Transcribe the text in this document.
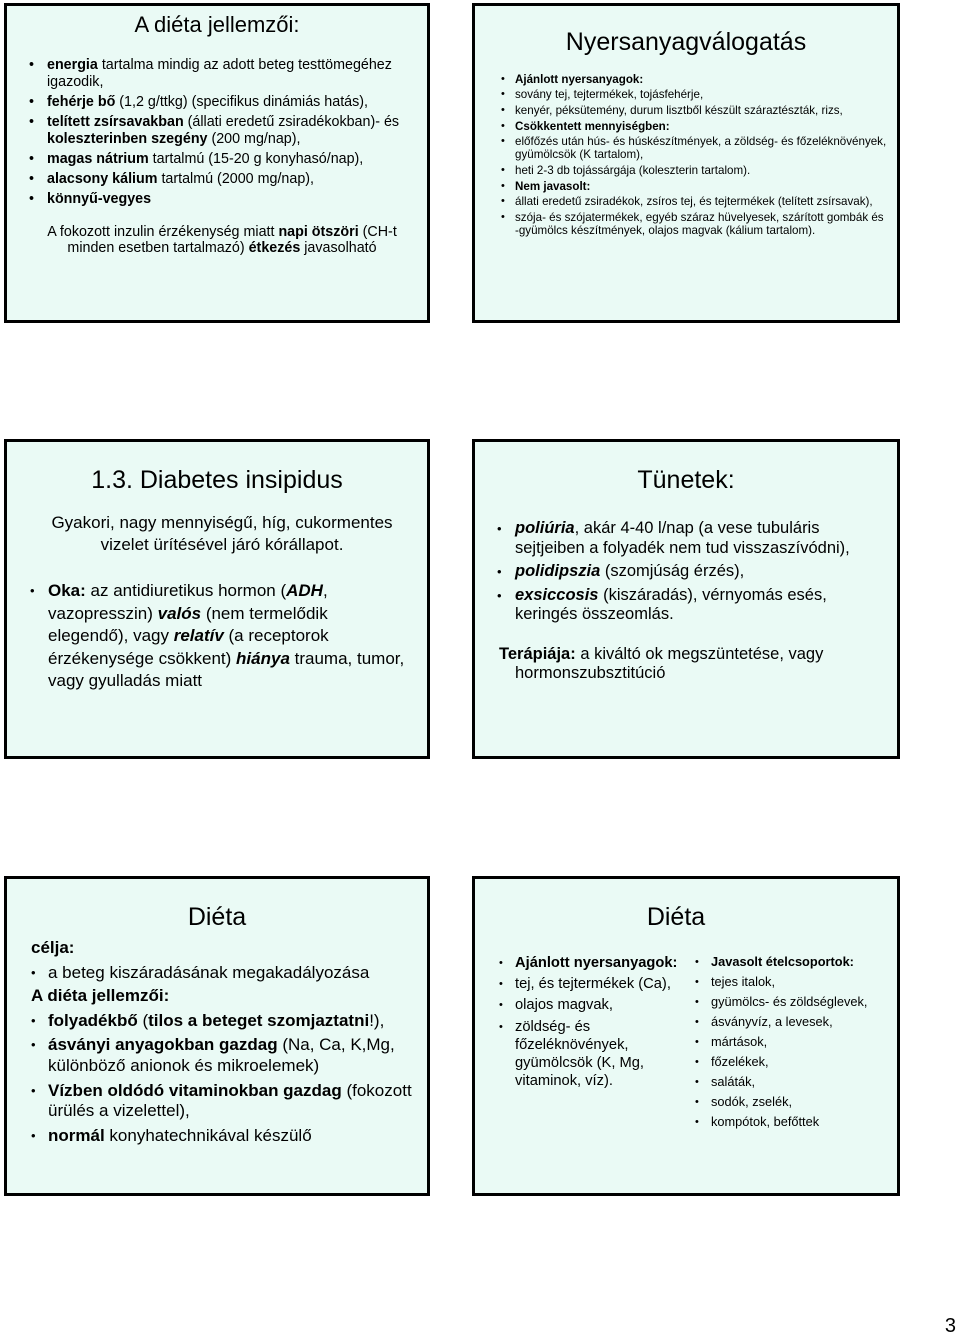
A diéta jellemzői:
• energia tartalma mindig az adott beteg testtömegéhez igazodik,
• fehérje bő (1,2 g/ttkg) (specifikus dinámiás hatás),
• telített zsírsavakban (állati eredetű zsiradékokban)- és koleszterinben szegény (200 mg/nap),
• magas nátrium tartalmú (15-20 g konyhasó/nap),
• alacsony kálium tartalmú (2000 mg/nap),
• könnyű-vegyes

A fokozott inzulin érzékenység miatt napi ötszöri (CH-t minden esetben tartalmazó) étkezés javasolható

Nyersanyagválogatás
• Ajánlott nyersanyagok:
• sovány tej, tejtermékek, tojásfehérje,
• kenyér, péksütemény, durum lisztből készült száraztészták, rizs,
• Csökkentett mennyiségben:
• előfőzés után hús- és húskészítmények, a zöldség- és főzeléknövények, gyümölcsök (K tartalom),
• heti 2-3 db tojássárgája (koleszterin tartalom).
• Nem javasolt:
• állati eredetű zsiradékok, zsíros tej, és tejtermékek (telített zsírsavak),
• szója- és szójatermékek, egyéb száraz hüvelyesek, szárított gombák és -gyümölcs készítmények, olajos magvak (kálium tartalom).
1.3. Diabetes insipidus

Gyakori, nagy mennyiségű, híg, cukormentes vizelet ürítésével járó kórállapot.

• Oka: az antidiuretikus hormon (ADH, vazopresszin) valós (nem termelődik elegendő), vagy relatív (a receptorok érzékenysége csökkent) hiánya trauma, tumor, vagy gyulladás miatt
Tünetek:
• poliúria, akár 4-40 l/nap (a vese tubuláris sejtjeiben a folyadék nem tud visszaszívódni),
• polidipszia (szomjúság érzés),
• exsiccosis (kiszáradás), vérnyomás esés, keringés összeomlás.

Terápiája: a kiváltó ok megszüntetése, vagy hormonszubsztitúció

Diéta
célja:
• a beteg kiszáradásának megakadályozása
A diéta jellemzői:
• folyadékbő (tilos a beteget szomjaztatni!),
• ásványi anyagokban gazdag (Na, Ca, K,Mg, különböző anionok és mikroelemek)
• Vízben oldódó vitaminokban gazdag (fokozott ürülés a vizelettel),
• normál konyhatechnikával készülő
Diéta
• Ajánlott nyersanyagok:
• tej, és tejtermékek (Ca),
• olajos magvak,
• zöldség- és főzeléknövények, gyümölcsök (K, Mg, vitaminok, víz).
• Javasolt ételcsoportok:
• tejes italok,
• gyümölcs- és zöldséglevek,
• ásványvíz, a levesek,
• mártások,
• főzelékek,
• saláták,
• sodók, zselék,
• kompótok, befőttek
3
